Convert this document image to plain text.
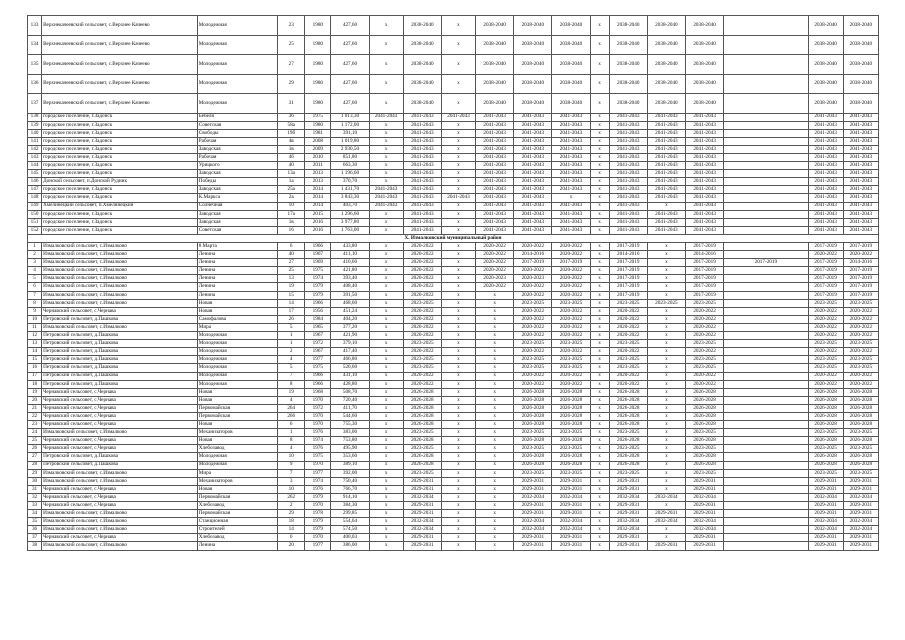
133	Верхнекачеевский сельсовет, с.Верхнее Качеево	Молодежная	23	1980	427,60	х	2038-2040	х	2038-2040	2038-2040	2038-2040	х	2038-2040	2038-2040	2038-2040		2038-2040	2038-2040
134	Верхнекачеевский сельсовет, с.Верхнее Качеево	Молодежная	25	1980	427,60	х	2038-2040	х	2038-2040	2038-2040	2038-2040	х	2038-2040	2038-2040	2038-2040		2038-2040	2038-2040
135	Верхнекачеевский сельсовет, с.Верхнее Качеево	Молодежная	27	1980	427,60	х	2038-2040	х	2038-2040	2038-2040	2038-2040	х	2038-2040	2038-2040	2038-2040		2038-2040	2038-2040
136	Верхнекачеевский сельсовет, с.Верхнее Качеево	Молодежная	29	1980	427,60	х	2038-2040	х	2038-2040	2038-2040	2038-2040	х	2038-2040	2038-2040	2038-2040		2038-2040	2038-2040
137	Верхнекачеевский сельсовет, с.Верхнее Качеево	Молодежная	31	1980	427,60	х	2038-2040	х	2038-2040	2038-2040	2038-2040	х	2038-2040	2038-2040	2038-2040		2038-2040	2038-2040
138	городское поселение, г.Задонск	Бебеля	36	1975	1 013,30	2041-2043	2041-2043	2041-2043	2041-2043	2041-2043	2041-2043	х	2041-2043	2041-2043	2041-2043		2041-2043	2041-2043
139	городское поселение, г.Задонск	Советская	58а	1980	1 172,00	х	2041-2043	х	2041-2043	2041-2043	2041-2043	х	2041-2043	2041-2043	2041-2043		2041-2043	2041-2043
140	городское поселение, г.Задонск	Свободы	19б	1981	391,10	х	2041-2043	х	2041-2043	2041-2043	2041-2043	х	2041-2043	2041-2043	2041-2043		2041-2043	2041-2043
141	городское поселение, г.Задонск	Рабочая	4в	2008	1 019,80	х	2041-2043	х	2041-2043	2041-2043	2041-2043	х	2041-2043	2041-2043	2041-2043		2041-2043	2041-2043
142	городское поселение, г.Задонск	Заводская	1в	2009	2 930,50	х	2041-2043	х	2041-2043	2041-2043	2041-2043	х	2041-2043	2041-2043	2041-2043		2041-2043	2041-2043
143	городское поселение, г.Задонск	Рабочая	4б	2010	851,80	х	2041-2043	х	2041-2043	2041-2043	2041-2043	х	2041-2043	2041-2043	2041-2043		2041-2043	2041-2043
144	городское поселение, г.Задонск	Урицкого	40	2011	663,30	х	2041-2043	х	2041-2043	2041-2043	2041-2043	х	2041-2043	2041-2043	2041-2043		2041-2043	2041-2043
145	городское поселение, г.Задонск	Заводская	13а	2013	1 196,60	х	2041-2043	х	2041-2043	2041-2043	2041-2043	х	2041-2043	2041-2043	2041-2043		2041-2043	2041-2043
146	Донской сельсовет, п.Донской Рудник	Победы	1а	2013	370,70	х	2041-2043	х	2041-2043	2041-2043	2041-2043	х	2041-2043	2041-2043	2041-2043		2041-2043	2041-2043
147	городское поселение, г.Задонск	Заводская	25а	2014	1 431,70	2041-2043	2041-2043	х	2041-2043	2041-2043	2041-2043	х	2041-2043	2041-2043	2041-2043		2041-2043	2041-2043
148	городское поселение, г.Задонск	К.Маркса	2а	2014	3 843,30	2041-2043	2041-2043	2041-2043	2041-2043	2041-2043	х	х	2041-2043	2041-2043	2041-2043		2041-2043	2041-2043
149	Хмелинецкий сельсовет, п.Хмелинецкий	Солнечная	10	2014	403,70	2041-2043	2041-2043	х	2041-2043	2041-2043	2041-2043	х	2041-2043	х	2041-2043		2041-2043	2041-2043
150	городское поселение, г.Задонск	Заводская	17а	2015	1 296,60	х	2041-2043	х	2041-2043	2041-2043	2041-2043	х	2041-2043	2041-2043	2041-2043		2041-2043	2041-2043
151	городское поселение, г.Задонск	Заводская	1в	2016	3 977,80	х	2041-2043	х	2041-2043	2041-2043	2041-2043	х	2041-2043	2041-2043	2041-2043		2041-2043	2041-2043
152	городское поселение, г.Задонск	Советская	16	2016	1 763,00	х	2041-2043	х	2041-2043	2041-2043	2041-2043	х	2041-2043	2041-2043	2041-2043		2041-2043	2041-2043
Х. Измалковский муниципальный район																		
1	Измалковский сельсовет, с.Измалково	8 Марта	6	1966	433,80	х	2020-2022	х	2020-2022	2020-2022	2020-2022	х	2017-2019	х	2017-2019		2017-2019	2017-2019
2	Измалковский сельсовет, с.Измалково	Ленина	40	1967	411,10	х	2020-2022	х	2020-2022	2014-2016	2020-2022	х	2014-2016	х	2014-2016		2020-2022	2020-2022
3	Измалковский сельсовет, с.Измалково	Ленина	27	1969	410,60	х	2020-2022	х	2020-2022	2017-2019	2017-2019	х	2017-2019	х	2017-2019	2017-2019	2017-2019	2014-2016
4	Измалковский сельсовет, с.Измалково	Ленина	25	1975	421,80	х	2020-2022	х	2020-2022	2020-2022	2020-2022	х	2017-2019	х	2017-2019		2017-2019	2017-2019
5	Измалковский сельсовет, с.Измалково	Ленина	13	1974	393,40	х	2020-2022	х	2020-2023	2020-2023	2020-2022	х	2017-2019	х	2017-2019		2017-2019	2017-2019
6	Измалковский сельсовет, с.Измалково	Ленина	19	1979	408,40	х	2020-2022	х	2020-2022	2020-2022	2020-2022	х	2017-2019	х	2017-2019		2017-2019	2017-2019
7	Измалковский сельсовет, с.Измалково	Ленина	15	1979	391,50	х	2020-2022	х	х	2020-2022	2020-2022	х	2017-2019	х	2017-2019		2017-2019	2017-2019
8	Измалковский сельсовет, с.Измалково	Новая	14	1966	468,60	х	2023-2025	х	х	2023-2025	2023-2025	х	2023-2025	2023-2025	2023-2025		2023-2025	2023-2025
9	Чернавский сельсовет, с.Чернава	Новая	17	1956	451,24	х	2020-2022	х	х	2020-2022	2020-2022	х	2020-2022	х	2020-2022		2020-2022	2020-2022
10	Петровский сельсовет, д.Пашкова	Самофалова	26	1984	404,20	х	2020-2022	х	х	2020-2022	2020-2022	х	2020-2022	х	2020-2022		2020-2022	2020-2022
11	Измалковский сельсовет, с.Измалково	Мира	5	1965	377,20	х	2020-2022	х	х	2020-2022	2020-2022	х	2020-2022	х	2020-2022		2020-2022	2020-2022
12	Петровский сельсовет, д.Пашкова	Молодежная	1	1967	421,90	х	2020-2022	х	х	2020-2022	2020-2022	х	2020-2022	х	2020-2022		2020-2022	2020-2022
13	Петровский сельсовет, д.Пашкова	Молодежная	1	1972	379,10	х	2023-2025	х	х	2023-2025	2023-2025	х	2023-2025	х	2023-2025		2023-2025	2023-2025
14	Петровский сельсовет, д.Пашкова	Молодежная	2	1967	417,40	х	2020-2022	х	х	2020-2022	2020-2022	х	2020-2022	х	2020-2022		2020-2022	2020-2022
15	Петровский сельсовет, д.Пашкова	Молодежная	4	1977	466,80	х	2023-2025	х	х	2023-2025	2023-2025	х	2023-2025	х	2023-2025		2023-2025	2023-2025
16	Петровский сельсовет, д.Пашкова	Молодежная	5	1975	520,60	х	2023-2025	х	х	2023-2025	2023-2025	х	2023-2025	х	2023-2025		2023-2025	2023-2025
17	Петровский сельсовет, д.Пашкова	Молодежная	7	1966	431,10	х	2020-2022	х	х	2020-2022	2020-2022	х	2020-2022	х	2020-2022		2020-2022	2020-2022
18	Петровский сельсовет, д.Пашкова	Молодежная	8	1966	428,80	х	2020-2022	х	х	2020-2022	2020-2022	х	2020-2022	х	2020-2022		2020-2022	2020-2022
19	Чернавский сельсовет, с.Чернава	Новая	19	1968	508,70	х	2026-2028	х	х	2026-2028	2026-2028	х	2026-2028	х	2026-2028		2026-2028	2026-2028
20	Чернавский сельсовет, с.Чернава	Новая	4	1970	720,40	х	2026-2028	х	х	2026-2028	2026-2028	х	2026-2028	х	2026-2028		2026-2028	2026-2028
21	Чернавский сельсовет, с.Чернава	Первомайская	264	1972	411,70	х	2026-2028	х	х	2026-2028	2026-2028	х	2026-2028	х	2026-2028		2026-2028	2026-2028
22	Чернавский сельсовет, с.Чернава	Первомайская	266	1970	544,60	х	2026-2028	х	х	2026-2028	2026-2028	х	2026-2028	х	2026-2028		2026-2028	2026-2028
23	Чернавский сельсовет, с.Чернава	Новая	6	1970	755,30	х	2026-2028	х	х	2026-2028	2026-2028	х	2026-2028	х	2026-2028		2026-2028	2026-2028
24	Измалковский сельсовет, с.Измалково	Механизаторов	1	1976	383,00	х	2023-2025	х	х	2023-2025	2023-2025	х	2023-2025	х	2023-2025		2023-2025	2023-2025
25	Чернавский сельсовет, с.Чернава	Новая	8	1974	753,80	х	2026-2028	х	х	2026-2028	2026-2028	х	2026-2028	х	2026-2028		2026-2028	2026-2028
26	Чернавский сельсовет, с.Чернава	Хлебозавод	4	1976	495,90	х	2023-2025	х	х	2023-2025	2023-2025	х	2023-2025	х	2023-2025		2023-2025	2023-2025
27	Петровский сельсовет, д.Пашкова	Молодежная	10	1975	353,60	х	2026-2028	х	х	2026-2028	2026-2028	х	2026-2028	х	2026-2028		2026-2028	2026-2028
28	Петровский сельсовет, д.Пашкова	Молодежная	9	1970	389,10	х	2026-2028	х	х	2026-2028	2026-2028	х	2026-2028	х	2026-2028		2026-2028	2026-2028
29	Измалковский сельсовет, с.Измалково	Мира	7	1977	392,00	х	2023-2025	х	х	2023-2025	2023-2025	х	2023-2025	х	2023-2025		2023-2025	2023-2025
30	Измалковский сельсовет, с.Измалково	Механизаторов	3	1974	750,40	х	2029-2031	х	х	2029-2031	2029-2031	х	2029-2031	х	2029-2031		2029-2031	2029-2031
31	Чернавский сельсовет, с.Чернава	Новая	10	1976	766,70	х	2029-2031	х	х	2029-2031	2029-2031	х	2029-2031	х	2029-2031		2029-2031	2029-2031
32	Чернавский сельсовет, с.Чернава	Первомайская	262	1979	914,10	х	2032-2034	х	х	2032-2034	2032-2034	х	2032-2034	2032-2034	2032-2034		2032-2034	2032-2034
33	Чернавский сельсовет, с.Чернава	Хлебозавод	2	1970	384,30	х	2029-2031	х	х	2029-2031	2029-2031	х	2029-2031	х	2029-2031		2029-2031	2029-2031
34	Измалковский сельсовет, с.Измалково	Первомайская	29	1978	299,85	х	2029-2031	х	х	2029-2031	2029-2031	х	2029-2031	2029-2031	2029-2031		2029-2031	2029-2031
35	Измалковский сельсовет, с.Измалково	Станционная	18	1979	554,64	х	2032-2034	х	х	2032-2034	2032-2034	х	2032-2034	2032-2034	2032-2034		2032-2034	2032-2034
36	Измалковский сельсовет, с.Измалково	Строителей	14	1979	574,50	х	2032-2034	х	х	2032-2034	2032-2034	х	2032-2034	х	2032-2034		2032-2034	2032-2034
37	Чернавский сельсовет, с.Чернава	Хлебозавод	6	1970	400,03	х	2029-2031	х	х	2029-2031	2029-2031	х	2029-2031	х	2029-2031		2029-2031	2029-2031
38	Измалковский сельсовет, с.Измалково	Ленина	20	1977	386,00	х	2029-2031	х	х	2029-2031	2029-2031	х	2029-2031	2029-2031	2029-2031		2029-2031	2029-2031
